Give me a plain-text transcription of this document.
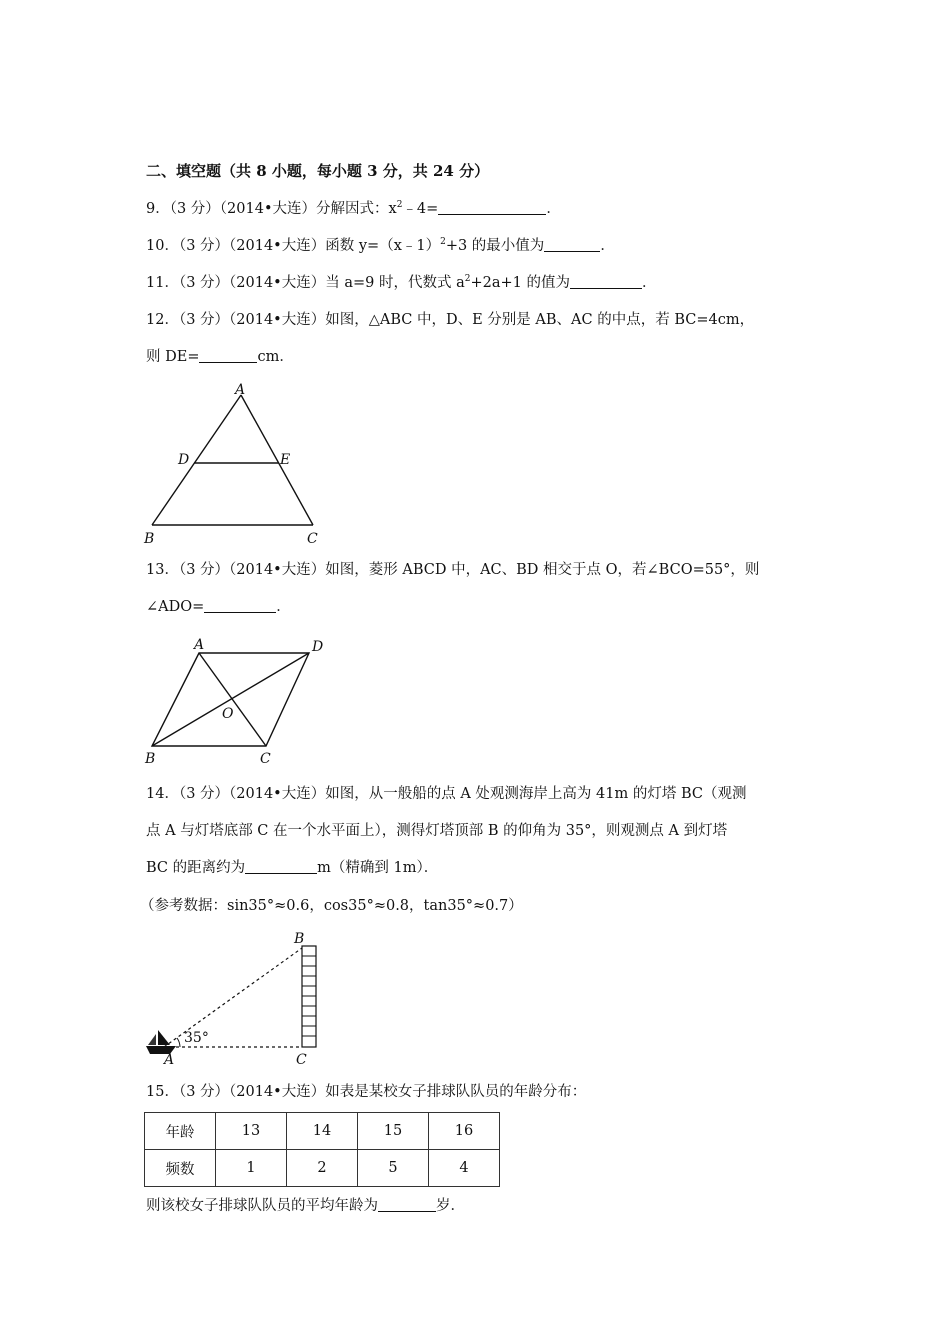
二、填空题（共 8 小题，每小题 3 分，共 24 分）
9．（3 分）（2014•大连）分解因式：$x^2﹣4=$	．
10．（3 分）（2014•大连）函数 y=（x﹣1）$^2$+3 的最小值为	．
11．（3 分）（2014•大连）当 a=9 时，代数式 $a^2+2a+1$ 的值为	．
12．（3 分）（2014•大连）如图，△ABC 中，D、E 分别是 AB、AC 的中点，若 BC=4cm，
则 DE=	cm．
A
D	E
B	C
13．（3 分）（2014•大连）如图，菱形 ABCD 中，AC、BD 相交于点 O，若∠BCO=55°，则
∠ADO=	．
A	D
O
B	C
14．（3 分）（2014•大连）如图，从一般船的点 A 处观测海岸上高为 41m 的灯塔 BC（观测
点 A 与灯塔底部 C 在一个水平面上），测得灯塔顶部 B 的仰角为 35°，则观测点 A 到灯塔
BC 的距离约为	m（精确到 1m）．
（参考数据：sin35°≈0.6，cos35°≈0.8，tan35°≈0.7）
35°
B
A	C
15．（3 分）（2014•大连）如表是某校女子排球队队员的年龄分布：
年龄	13	14	15	16
频数	1	2	5	4
则该校女子排球队队员的平均年龄为	岁．
